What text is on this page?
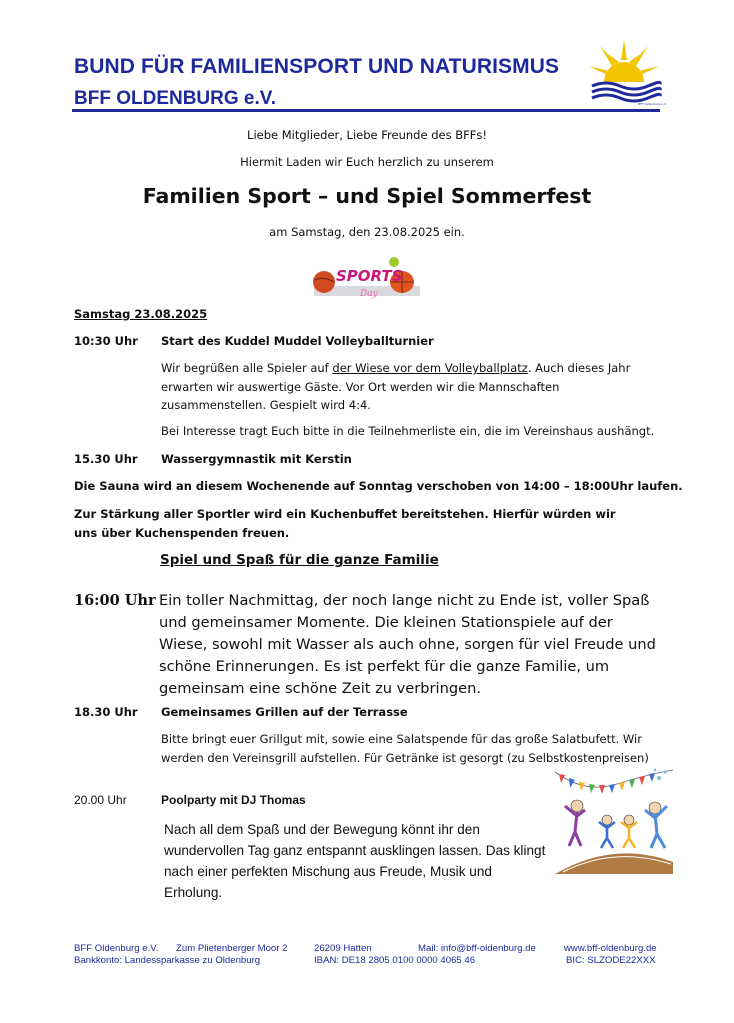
BUND FÜR FAMILIENSPORT UND NATURISMUS
BFF OLDENBURG e.V.	BFF Oldenburg e.V.
Liebe Mitglieder, Liebe Freunde des BFFs!
Hiermit Laden wir Euch herzlich zu unserem
Familien Sport – und Spiel Sommerfest
am Samstag, den 23.08.2025 ein.
SPORTS
Day
Samstag 23.08.2025
10:30 Uhr Start des Kuddel Muddel Volleyballturnier
Wir begrüßen alle Spieler auf der Wiese vor dem Volleyballplatz. Auch dieses Jahr erwarten wir auswertige Gäste. Vor Ort werden wir die Mannschaften zusammenstellen. Gespielt wird 4:4.
Bei Interesse tragt Euch bitte in die Teilnehmerliste ein, die im Vereinshaus aushängt.
15.30 Uhr Wassergymnastik mit Kerstin
Die Sauna wird an diesem Wochenende auf Sonntag verschoben von 14:00 – 18:00Uhr laufen.
Zur Stärkung aller Sportler wird ein Kuchenbuffet bereitstehen. Hierfür würden wir uns über Kuchenspenden freuen.
Spiel und Spaß für die ganze Familie
16:00 Uhr Ein toller Nachmittag, der noch lange nicht zu Ende ist, voller Spaß und gemeinsamer Momente. Die kleinen Stationspiele auf der Wiese, sowohl mit Wasser als auch ohne, sorgen für viel Freude und schöne Erinnerungen. Es ist perfekt für die ganze Familie, um gemeinsam eine schöne Zeit zu verbringen.
18.30 Uhr Gemeinsames Grillen auf der Terrasse
Bitte bringt euer Grillgut mit, sowie eine Salatspende für das große Salatbufett. Wir werden den Vereinsgrill aufstellen. Für Getränke ist gesorgt (zu Selbstkostenpreisen)
20.00 Uhr	Poolparty mit DJ Thomas
Nach all dem Spaß und der Bewegung könnt ihr den wundervollen Tag ganz entspannt ausklingen lassen. Das klingt nach einer perfekten Mischung aus Freude, Musik und Erholung.
BFF Oldenburg e.V. Zum Plietenberger Moor 2	26209 Hatten	Mail: info@bff-oldenburg.de	www.bff-oldenburg.de
Bankkonto: Landessparkasse zu Oldenburg	IBAN: DE18 2805 0100 0000 4065 46	BIC: SLZODE22XXX
